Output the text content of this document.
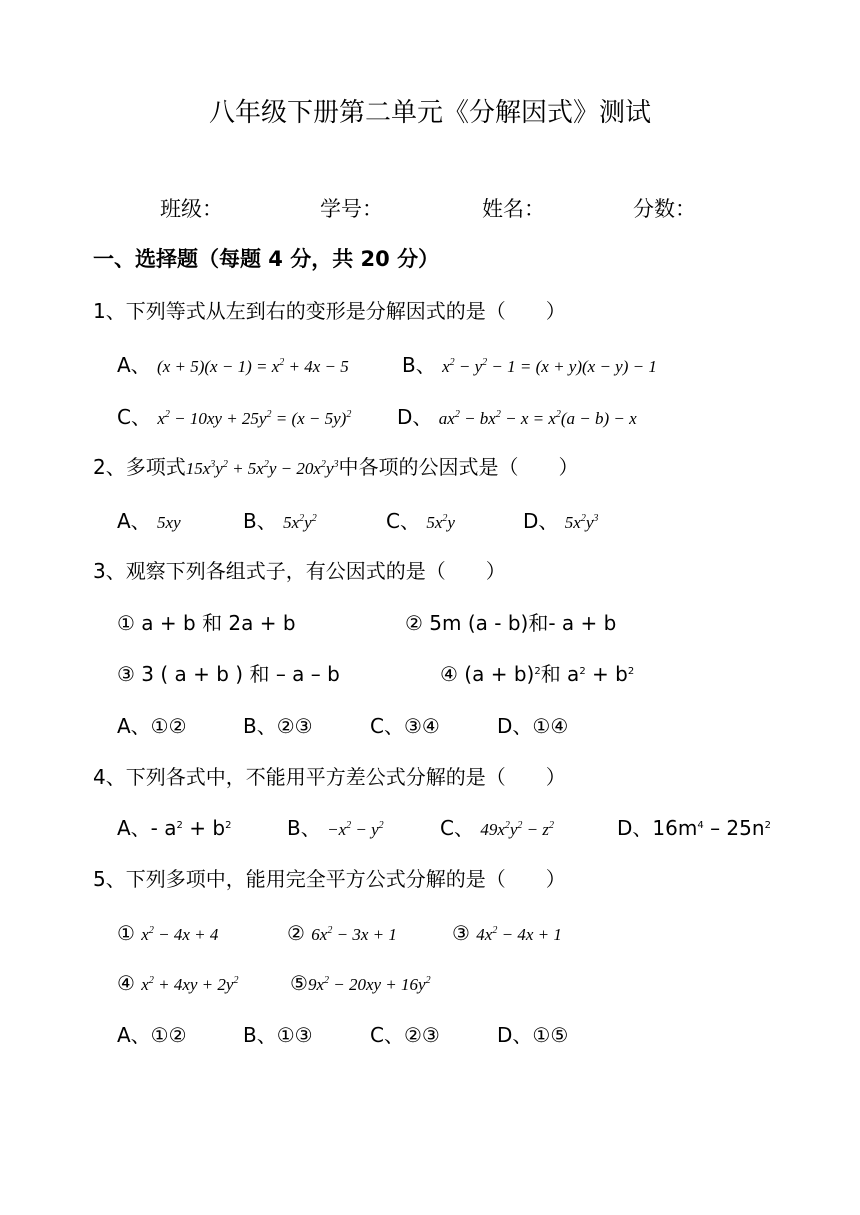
八年级下册第二单元《分解因式》测试
班级：	学号：	姓名：	分数：
一、选择题（每题 4 分，共 20 分）
1、下列等式从左到右的变形是分解因式的是（　　）
A、 $(x + 5)(x - 1) = x^2 + 4x - 5$	B、 $x^2 - y^2 - 1 = (x + y)(x - y) - 1$
C、 $x^2 - 10xy + 25y^2 = (x - 5y)^2$ D、 $ax^2 - bx^2 - x = x^2(a - b) - x$
2、多项式$15x^3y^2 + 5x^2y - 20x^2y^3$中各项的公因式是（　　）
A、 5xy	B、 $5x^2y^2$	C、 $5x^2y$	D、 $5x^2y^3$
3、观察下列各组式子，有公因式的是（　　）
① a + b 和 2a + b	② 5m (a - b)和- a + b
③ 3 ( a + b ) 和 – a – b	④ $(a + b)^2$和 $a^2 + b^2$
A、①②	B、②③	C、③④	D、①④
4、下列各式中，不能用平方差公式分解的是（　　）
A、- $a^2 + b^2$	B、 $-x^2 - y^2$	C、 $49x^2y^2 - z^2$	D、$16m^4 - 25n^2$
5、下列多项中，能用完全平方公式分解的是（　　）
① $x^2 - 4x + 4$	② $6x^2 - 3x + 1$	③ $4x^2 - 4x + 1$
④ $x^2 + 4xy + 2y^2$	$⑤9x^2 - 20xy + 16y^2$
A、①②	B、①③	C、②③	D、①⑤
